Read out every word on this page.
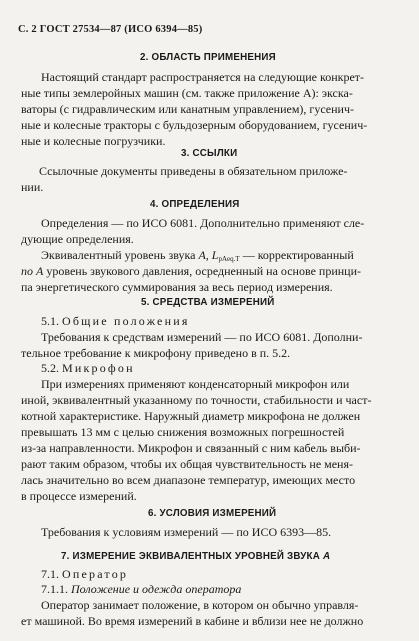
С. 2 ГОСТ 27534—87 (ИСО 6394—85)
2. ОБЛАСТЬ ПРИМЕНЕНИЯ
Настоящий стандарт распространяется на следующие конкрет-
ные типы землеройных машин (см. также приложение А): экска-
ваторы (с гидравлическим или канатным управлением), гусенич-
ные и колесные тракторы с бульдозерным оборудованием, гусенич-
ные и колесные погрузчики.
3. ССЫЛКИ
Ссылочные документы приведены в обязательном приложе-
нии.
4. ОПРЕДЕЛЕНИЯ
Определения — по ИСО 6081. Дополнительно применяют сле-
дующие определения.
Эквивалентный уровень звука А, LpAeq.T — корректированный
по А уровень звукового давления, осредненный на основе принци-
па энергетического суммирования за весь период измерения.
5. СРЕДСТВА ИЗМЕРЕНИЙ
5.1. Общие положения
Требования к средствам измерений — по ИСО 6081. Дополни-
тельное требование к микрофону приведено в п. 5.2.
5.2. Микрофон
При измерениях применяют конденсаторный микрофон или
иной, эквивалентный указанному по точности, стабильности и част-
котной характеристике. Наружный диаметр микрофона не должен
превышать 13 мм с целью снижения возможных погрешностей
из-за направленности. Микрофон и связанный с ним кабель выби-
рают таким образом, чтобы их общая чувствительность не меня-
лась значительно во всем диапазоне температур, имеющих место
в процессе измерений.
6. УСЛОВИЯ ИЗМЕРЕНИЙ
Требования к условиям измерений — по ИСО 6393—85.
7. ИЗМЕРЕНИЕ ЭКВИВАЛЕНТНЫХ УРОВНЕЙ ЗВУКА А
7.1. Оператор
7.1.1. Положение и одежда оператора
Оператор занимает положение, в котором он обычно управля-
ет машиной. Во время измерений в кабине и вблизи нее не должно
